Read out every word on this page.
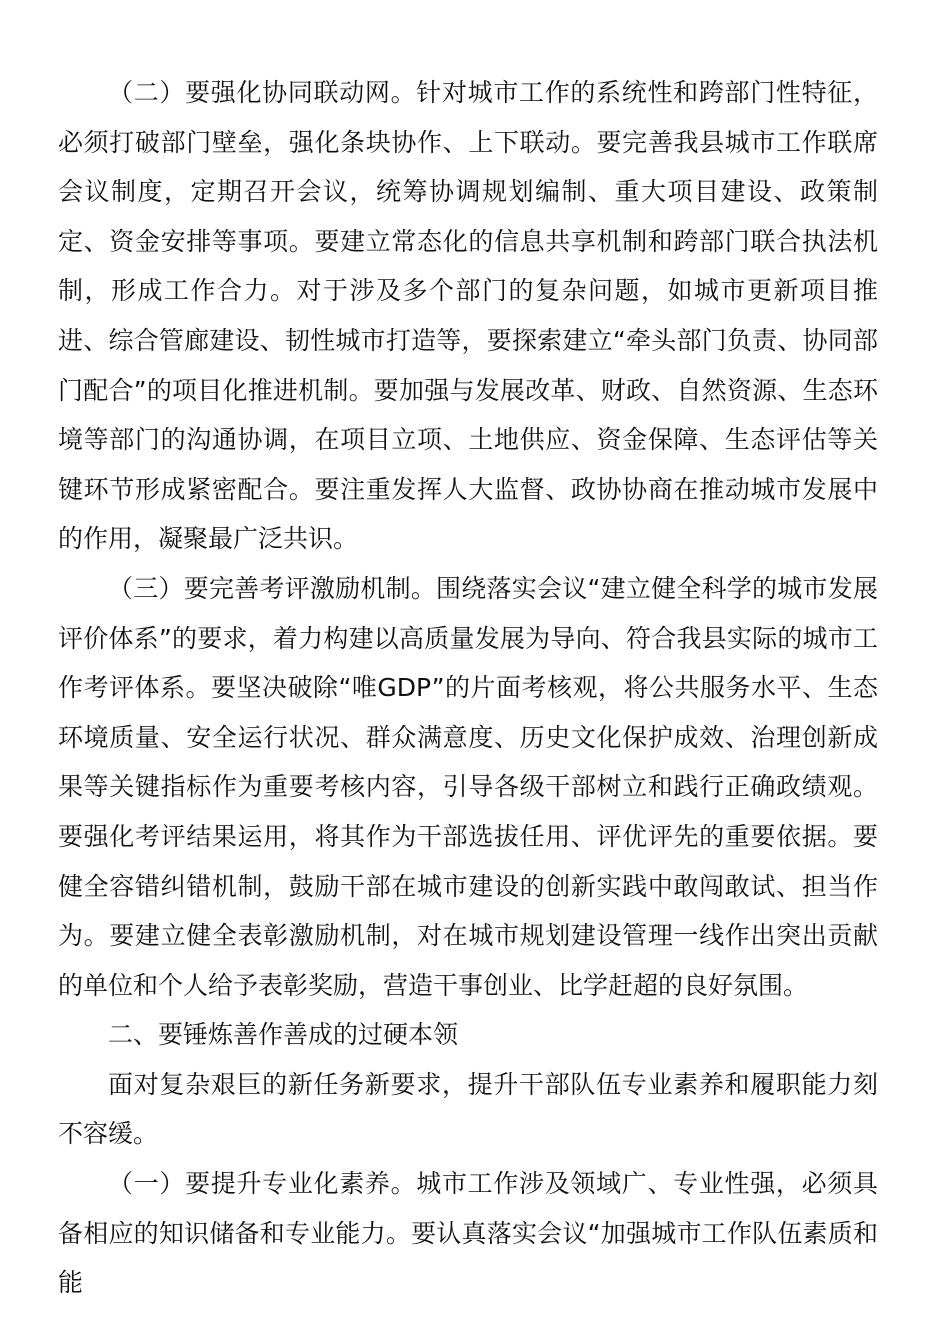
（二）要强化协同联动网。针对城市工作的系统性和跨部门性特征，必须打破部门壁垒，强化条块协作、上下联动。要完善我县城市工作联席会议制度，定期召开会议，统筹协调规划编制、重大项目建设、政策制定、资金安排等事项。要建立常态化的信息共享机制和跨部门联合执法机制，形成工作合力。对于涉及多个部门的复杂问题，如城市更新项目推进、综合管廊建设、韧性城市打造等，要探索建立“牵头部门负责、协同部门配合”的项目化推进机制。要加强与发展改革、财政、自然资源、生态环境等部门的沟通协调，在项目立项、土地供应、资金保障、生态评估等关键环节形成紧密配合。要注重发挥人大监督、政协协商在推动城市发展中的作用，凝聚最广泛共识。

（三）要完善考评激励机制。围绕落实会议“建立健全科学的城市发展评价体系”的要求，着力构建以高质量发展为导向、符合我县实际的城市工作考评体系。要坚决破除“唯GDP”的片面考核观，将公共服务水平、生态环境质量、安全运行状况、群众满意度、历史文化保护成效、治理创新成果等关键指标作为重要考核内容，引导各级干部树立和践行正确政绩观。要强化考评结果运用，将其作为干部选拔任用、评优评先的重要依据。要健全容错纠错机制，鼓励干部在城市建设的创新实践中敢闯敢试、担当作为。要建立健全表彰激励机制，对在城市规划建设管理一线作出突出贡献的单位和个人给予表彰奖励，营造干事创业、比学赶超的良好氛围。

二、要锤炼善作善成的过硬本领

面对复杂艰巨的新任务新要求，提升干部队伍专业素养和履职能力刻不容缓。

（一）要提升专业化素养。城市工作涉及领域广、专业性强，必须具备相应的知识储备和专业能力。要认真落实会议“加强城市工作队伍素质和能
